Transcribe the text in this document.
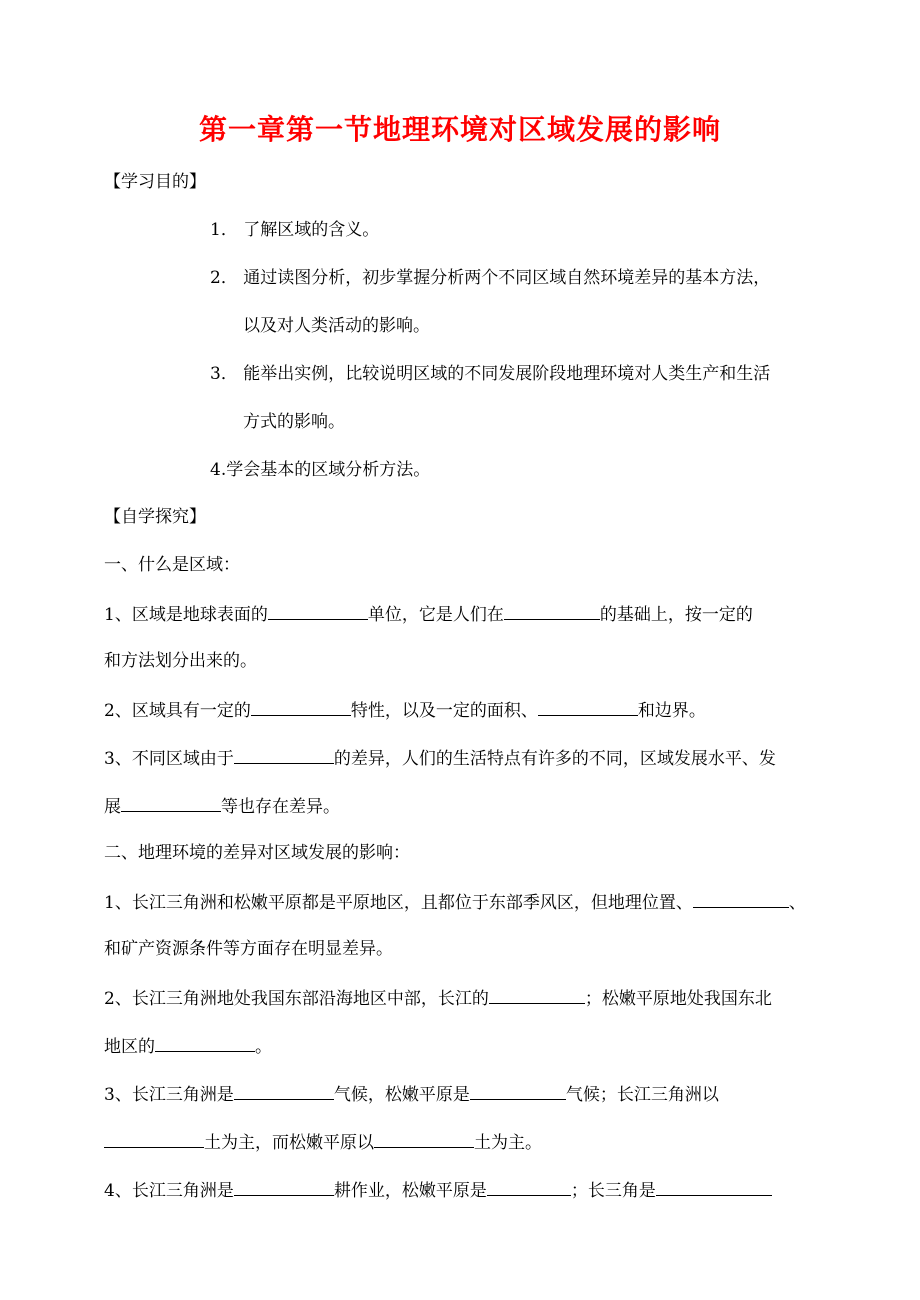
第一章第一节地理环境对区域发展的影响
【学习目的】
1． 了解区域的含义。
2． 通过读图分析，初步掌握分析两个不同区域自然环境差异的基本方法，
以及对人类活动的影响。
3． 能举出实例，比较说明区域的不同发展阶段地理环境对人类生产和生活
方式的影响。
4.学会基本的区域分析方法。
【自学探究】
一、什么是区域：
1、区域是地球表面的	单位，它是人们在	的基础上，按一定的
和方法划分出来的。
2、区域具有一定的	特性，以及一定的面积、	和边界。
3、不同区域由于	的差异，人们的生活特点有许多的不同，区域发展水平、发
展	等也存在差异。
二、地理环境的差异对区域发展的影响：
1、长江三角洲和松嫩平原都是平原地区，且都位于东部季风区，但地理位置、	、
和矿产资源条件等方面存在明显差异。
2、长江三角洲地处我国东部沿海地区中部，长江的	；松嫩平原地处我国东北
地区的	。
3、长江三角洲是	气候，松嫩平原是	气候；长江三角洲以
土为主，而松嫩平原以	土为主。
4、长江三角洲是	耕作业，松嫩平原是	；长三角是
